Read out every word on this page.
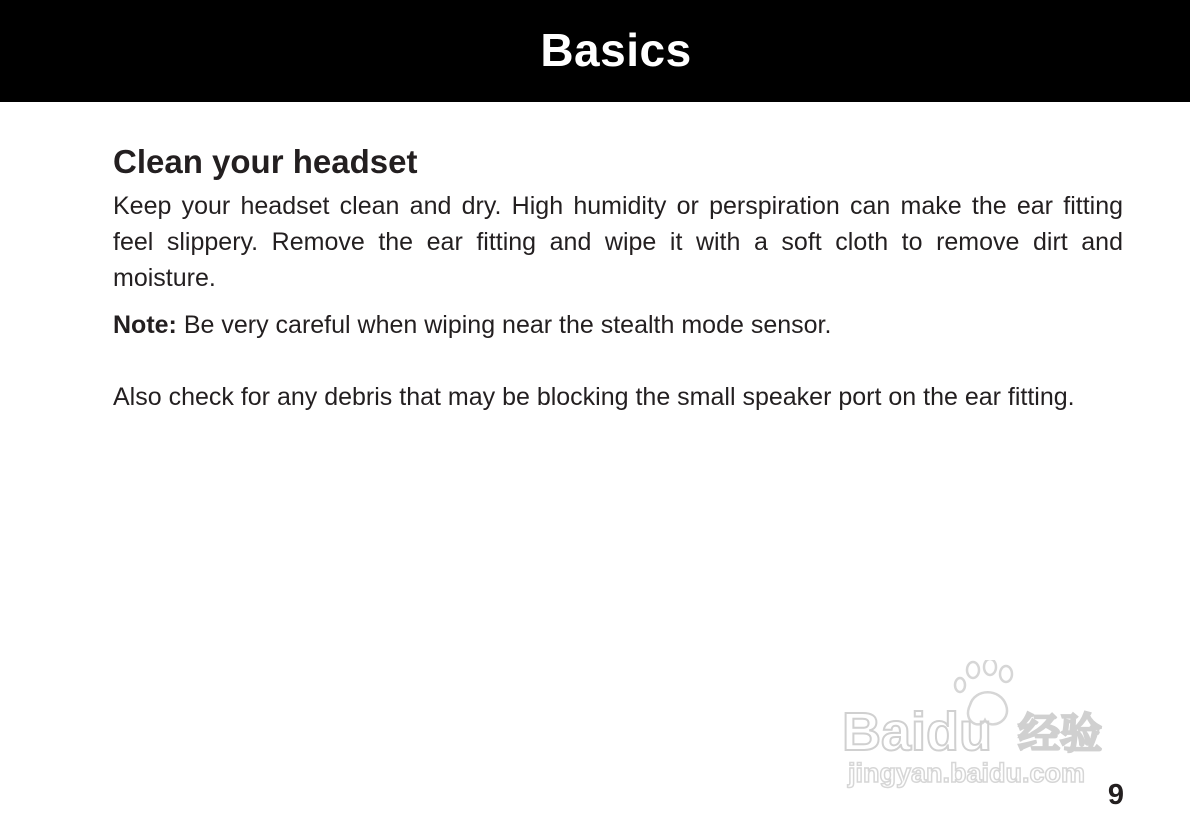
Basics
Clean your headset

Keep your headset clean and dry. High humidity or perspiration can make the ear fitting feel slippery. Remove the ear fitting and wipe it with a soft cloth to remove dirt and moisture.

Note: Be very careful when wiping near the stealth mode sensor.

Also check for any debris that may be blocking the small speaker port on the ear fitting.

Baidu 经验
jingyan.baidu.com
9
